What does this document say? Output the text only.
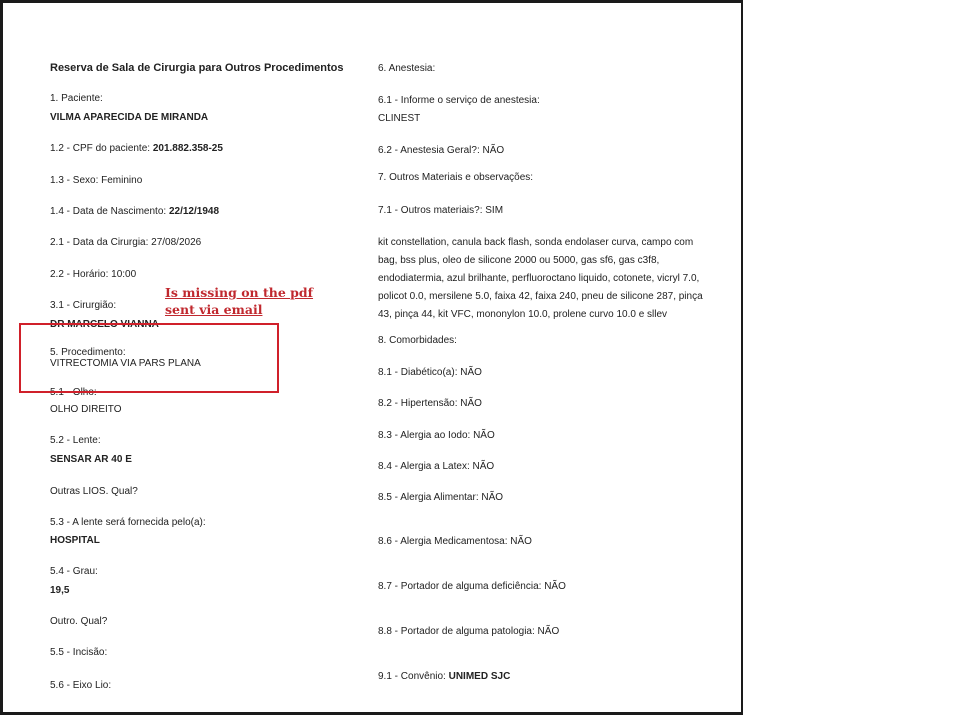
Reserva de Sala de Cirurgia para Outros Procedimentos
1. Paciente:
VILMA APARECIDA DE MIRANDA
1.2 - CPF do paciente: 201.882.358-25
1.3 - Sexo: Feminino
1.4 - Data de Nascimento: 22/12/1948
2.1 - Data da Cirurgia: 27/08/2026
2.2 - Horário: 10:00
3.1 - Cirurgião:
DR MARCELO VIANNA
5. Procedimento:
VITRECTOMIA VIA PARS PLANA
OLHO DIREITO
5.2 - Lente:
SENSAR AR 40 E
Outras LIOS. Qual?
5.3 - A lente será fornecida pelo(a):
HOSPITAL
5.4 - Grau:
19,5
Outro. Qual?
5.5 - Incisão:
5.6 - Eixo Lio:
6. Anestesia:
6.1 - Informe o serviço de anestesia:
CLINEST
6.2 - Anestesia Geral?: NÃO
7. Outros Materiais e observações:
7.1 - Outros materiais?: SIM
kit constellation, canula back flash, sonda endolaser curva, campo com bag, bss plus, oleo de silicone 2000 ou 5000, gas sf6, gas c3f8, endodiatermia, azul brilhante, perfluoroctano liquido, cotonete, vicryl 7.0, policot 0.0, mersilene 5.0, faixa 42, faixa 240, pneu de silicone 287, pinça 43, pinça 44, kit VFC, mononylon 10.0, prolene curvo 10.0 e sllev
8. Comorbidades:
8.1 - Diabético(a): NÃO
8.2 - Hipertensão: NÃO
8.3 - Alergia ao Iodo: NÃO
8.4 - Alergia a Latex: NÃO
8.5 - Alergia Alimentar: NÃO
8.6 - Alergia Medicamentosa: NÃO
8.7 - Portador de alguma deficiência: NÃO
8.8 - Portador de alguma patologia: NÃO
9.1 - Convênio: UNIMED SJC
Is missing on the pdf
sent via email
